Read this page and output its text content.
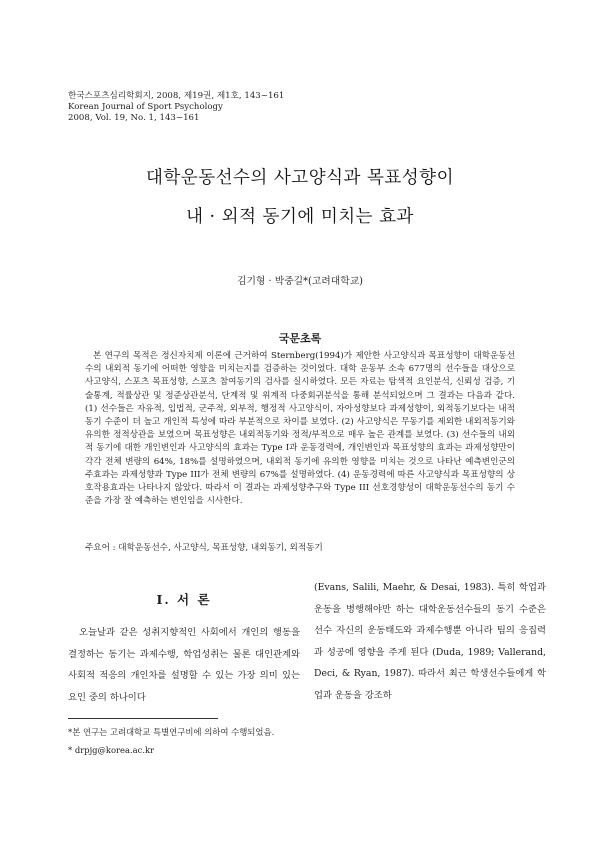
한국스포츠심리학회지, 2008, 제19권, 제1호, 143~161
Korean Journal of Sport Psychology
2008, Vol. 19, No. 1, 143~161
대학운동선수의 사고양식과 목표성향이
내 · 외적 동기에 미치는 효과
김기형 · 박중길*(고려대학교)
국문초록

본 연구의 목적은 정신자치제 이론에 근거하여 Sternberg(1994)가 제안한 사고양식과 목표성향이 대학운동선수의 내외적 동기에 어떠한 영향을 미치는지를 검증하는 것이었다. 대학 운동부 소속 677명의 선수들을 대상으로 사고양식, 스포츠 목표성향, 스포츠 참여동기의 검사를 실시하였다. 모든 자료는 탐색적 요인분석, 신뢰성 검증, 기술통계, 적률상관 및 정준상관분석, 단계적 및 위계적 다중회귀분석을 통해 분석되었으며 그 결과는 다음과 같다. (1) 선수들은 자유적, 입법적, 군주적, 외부적, 행정적 사고양식이, 자아성향보다 과제성향이, 외적동기보다는 내적동기 수준이 더 높고 개인적 특성에 따라 부분적으로 차이를 보였다. (2) 사고양식은 무동기를 제외한 내외적동기와 유의한 정적상관을 보였으며 목표성향은 내외적동기와 정적/부적으로 매우 높은 관계를 보였다. (3) 선수들의 내외적 동기에 대한 개인변인과 사고양식의 효과는 Type I과 운동경력에, 개인변인과 목표성향의 효과는 과제성향만이 각각 전체 변량의 64%, 18%를 설명하였으며, 내외적 동기에 유의한 영향을 미치는 것으로 나타난 예측변인군의 주효과는 과제성향과 Type III가 전체 변량의 67%를 설명하였다. (4) 운동경력에 따른 사고양식과 목표성향의 상호작용효과는 나타나지 않았다. 따라서 이 결과는 과제성향추구와 Type III 선호경향성이 대학운동선수의 동기 수준을 가장 잘 예측하는 변인임을 시사한다.

주요어 : 대학운동선수, 사고양식, 목표성향, 내외동기, 외적동기
I. 서 론

오늘날과 같은 성취지향적인 사회에서 개인의 행동을 결정하는 동기는 과제수행, 학업성취는 물론 대인관계와 사회적 적응의 개인차를 설명할 수 있는 가장 의미 있는 요인 중의 하나이다

(Evans, Salili, Maehr, & Desai, 1983). 특히 학업과 운동을 병행해야만 하는 대학운동선수들의 동기 수준은 선수 자신의 운동태도와 과제수행뿐 아니라 팀의 응집력과 성공에 영향을 주게 된다 (Duda, 1989; Vallerand, Deci, & Ryan, 1987). 따라서 최근 학생선수들에게 학업과 운동을 강조하

*본 연구는 고려대학교 특별연구비에 의하여 수행되었음.
* drpjg@korea.ac.kr
